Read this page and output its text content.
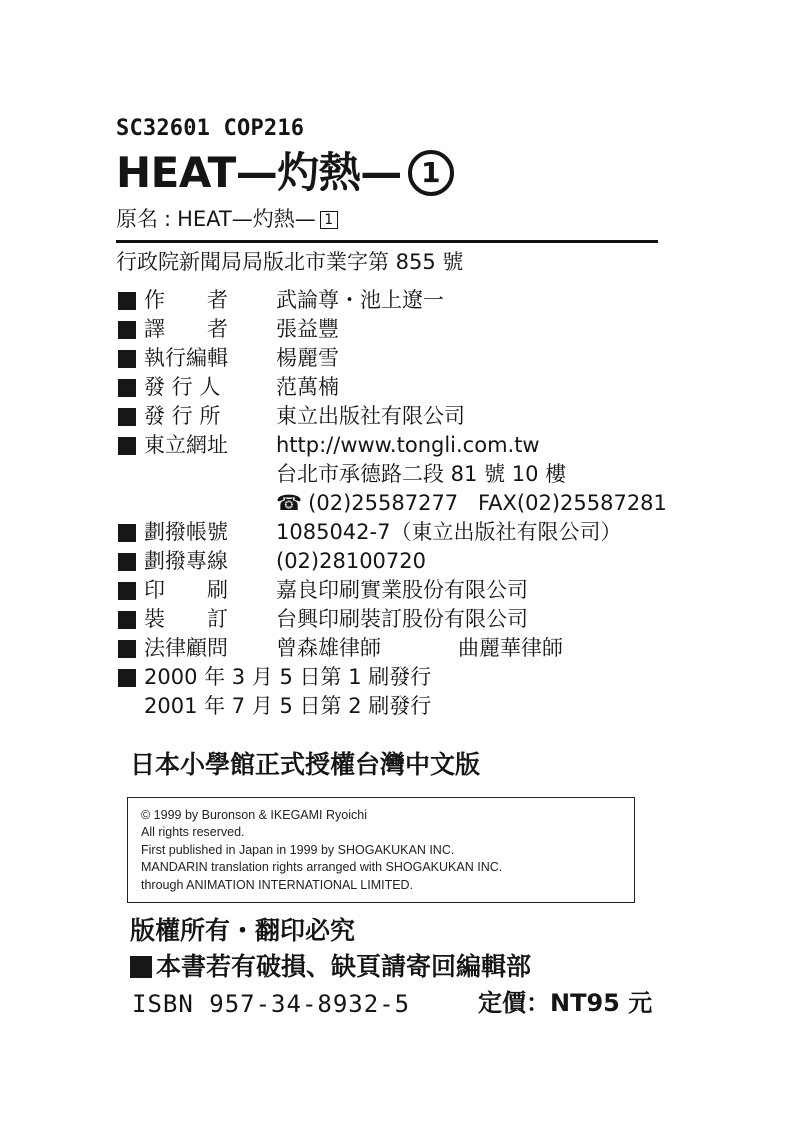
SC32601 COP216
HEAT—灼熱— 1
原名 : HEAT—灼熱— 1
行政院新聞局局版北市業字第 855 號
作　　者 武論尊・池上遼一
譯　　者 張益豐
執行編輯 楊麗雪
發 行 人	范萬楠
發 行 所	東立出版社有限公司
東立網址 http://www.tongli.com.tw
台北市承德路二段 81 號 10 樓
☎ (02)25587277 FAX(02)25587281
劃撥帳號 1085042-7（東立出版社有限公司）
劃撥專線 (02)28100720
印　　刷 嘉良印刷實業股份有限公司
裝　　訂 台興印刷裝訂股份有限公司
法律顧問 曾森雄律師	曲麗華律師
2000 年 3 月 5 日第 1 刷發行
2001 年 7 月 5 日第 2 刷發行
日本小學館正式授權台灣中文版
© 1999 by Buronson & IKEGAMI Ryoichi
All rights reserved.
First published in Japan in 1999 by SHOGAKUKAN INC.
MANDARIN translation rights arranged with SHOGAKUKAN INC.
through ANIMATION INTERNATIONAL LIMITED.
版權所有・翻印必究
本書若有破損、缺頁請寄回編輯部
ISBN 957-34-8932-5	定價：NT95 元
